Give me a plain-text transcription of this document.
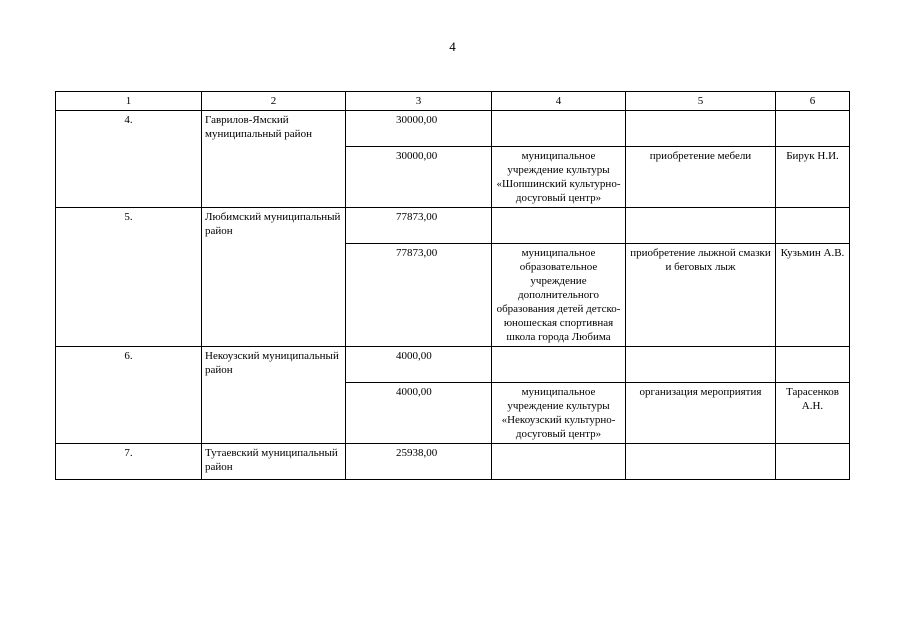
4
1	2	3	4	5	6
4.	Гаврилов-Ямский муниципальный район	30000,00			
		30000,00	муниципальное учреждение культуры «Шопшинский культурно-досуговый центр»	приобретение мебели	Бирук Н.И.
5.	Любимский муниципальный район	77873,00			
		77873,00	муниципальное образовательное учреждение дополнительного образования детей детско-юношеская спортивная школа города Любима	приобретение лыжной смазки и беговых лыж	Кузьмин А.В.
6.	Некоузский муниципальный район	4000,00			
		4000,00	муниципальное учреждение культуры «Некоузский культурно-досуговый центр»	организация мероприятия	Тарасенков А.Н.
7.	Тутаевский муниципальный район	25938,00			
